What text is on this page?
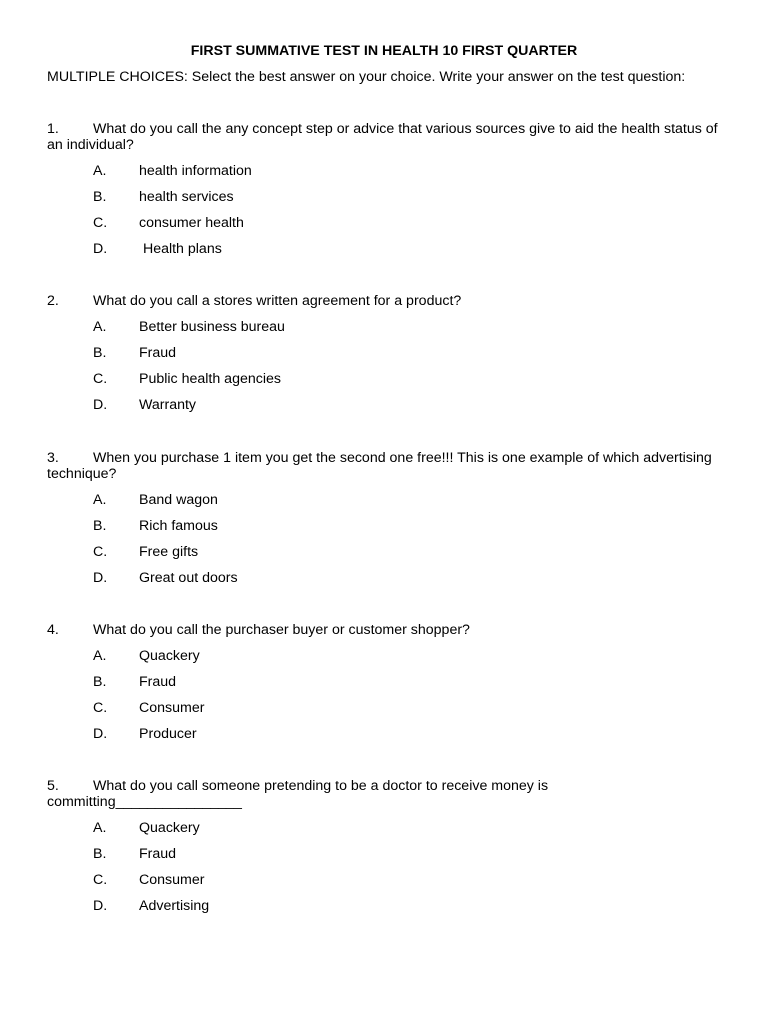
FIRST SUMMATIVE TEST IN HEALTH 10 FIRST QUARTER
MULTIPLE CHOICES: Select the best answer on your choice. Write your answer on the test question:

1. What do you call the any concept step or advice that various sources give to aid the health status of an individual?

A. health information
B. health services
C. consumer health
D. Health plans

2. What do you call a stores written agreement for a product?

A. Better business bureau
B. Fraud
C. Public health agencies
D. Warranty

3. When you purchase 1 item you get the second one free!!! This is one example of which advertising technique?

A. Band wagon
B. Rich famous
C. Free gifts
D. Great out doors

4. What do you call the purchaser buyer or customer shopper?

A. Quackery
B. Fraud
C. Consumer
D. Producer

5. What do you call someone pretending to be a doctor to receive money is committing________________

A. Quackery
B. Fraud
C. Consumer
D. Advertising
